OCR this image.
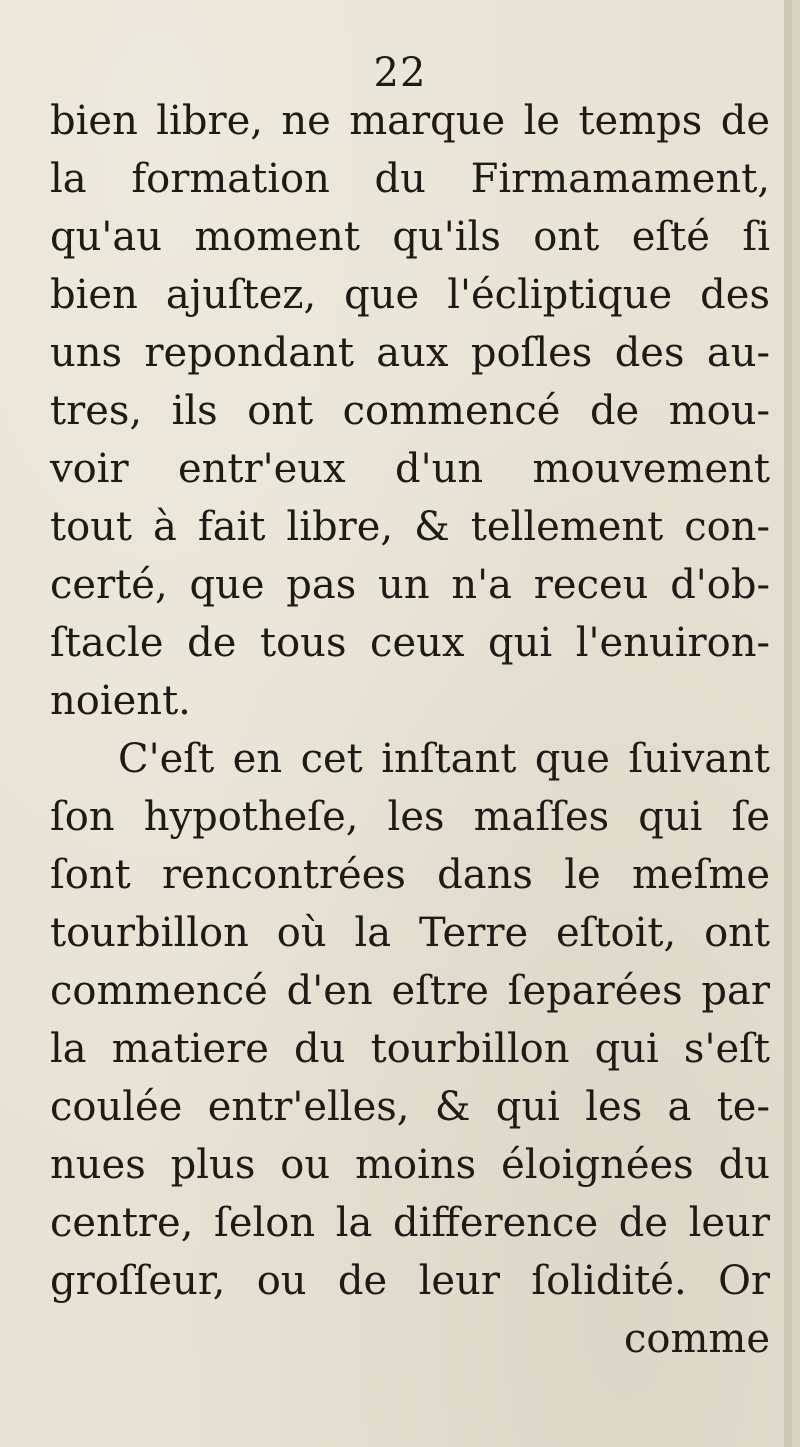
22
bien libre, ne marque le temps de
la formation du Firmamament,
qu'au moment qu'ils ont eſté ſi
bien ajuſtez, que l'écliptique des
uns repondant aux poſles des au-
tres, ils ont commencé de mou-
voir entr'eux d'un mouvement
tout à fait libre, & tellement con-
certé, que pas un n'a receu d'ob-
ſtacle de tous ceux qui l'enuiron-
noient.
C'eſt en cet inſtant que ſuivant
ſon hypotheſe, les maſſes qui ſe
ſont rencontrées dans le meſme
tourbillon où la Terre eſtoit, ont
commencé d'en eſtre ſeparées par
la matiere du tourbillon qui s'eſt
coulée entr'elles, & qui les a te-
nues plus ou moins éloignées du
centre, ſelon la difference de leur
groſſeur, ou de leur ſolidité. Or
comme
